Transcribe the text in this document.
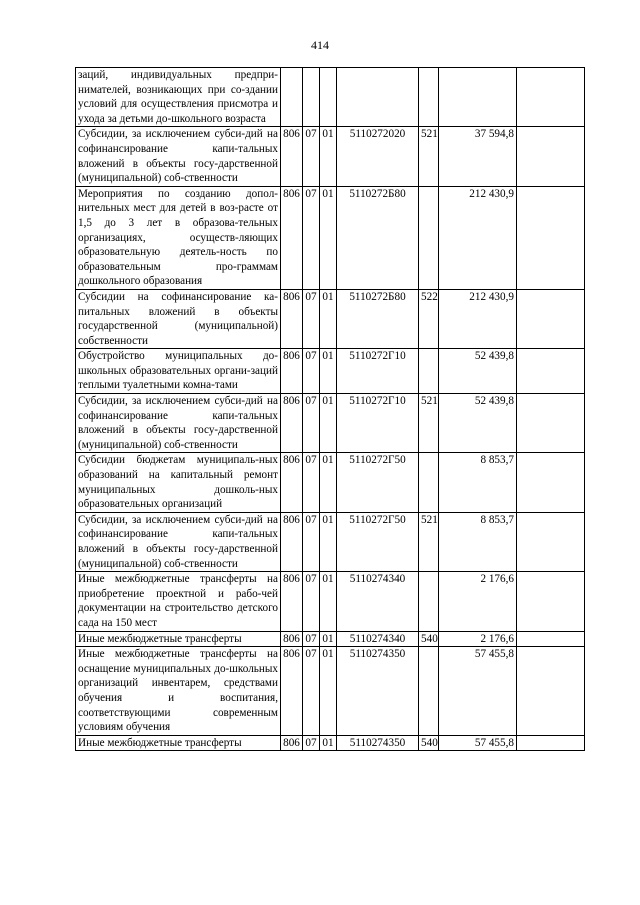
414
заций, индивидуальных предпри-нимателей, возникающих при со-здании условий для осуществления присмотра и ухода за детьми до-школьного возраста							
Субсидии, за исключением субси-дий на софинансирование капи-тальных вложений в объекты госу-дарственной (муниципальной) соб-ственности	806	07	01	5110272020	521	37 594,8	
Мероприятия по созданию допол-нительных мест для детей в воз-расте от 1,5 до 3 лет в образова-тельных организациях, осуществ-ляющих образовательную деятель-ность по образовательным про-граммам дошкольного образования	806	07	01	5110272Б80		212 430,9	
Субсидии на софинансирование ка-питальных вложений в объекты государственной (муниципальной) собственности	806	07	01	5110272Б80	522	212 430,9	
Обустройство муниципальных до-школьных образовательных органи-заций теплыми туалетными комна-тами	806	07	01	5110272Г10		52 439,8	
Субсидии, за исключением субси-дий на софинансирование капи-тальных вложений в объекты госу-дарственной (муниципальной) соб-ственности	806	07	01	5110272Г10	521	52 439,8	
Субсидии бюджетам муниципаль-ных образований на капитальный ремонт муниципальных дошколь-ных образовательных организаций	806	07	01	5110272Г50		8 853,7	
Субсидии, за исключением субси-дий на софинансирование капи-тальных вложений в объекты госу-дарственной (муниципальной) соб-ственности	806	07	01	5110272Г50	521	8 853,7	
Иные межбюджетные трансферты на приобретение проектной и рабо-чей документации на строительство детского сада на 150 мест	806	07	01	5110274340		2 176,6	
Иные межбюджетные трансферты	806	07	01	5110274340	540	2 176,6	
Иные межбюджетные трансферты на оснащение муниципальных до-школьных организаций инвентарем, средствами обучения и воспитания, соответствующими современным условиям обучения	806	07	01	5110274350		57 455,8	
Иные межбюджетные трансферты	806	07	01	5110274350	540	57 455,8	
